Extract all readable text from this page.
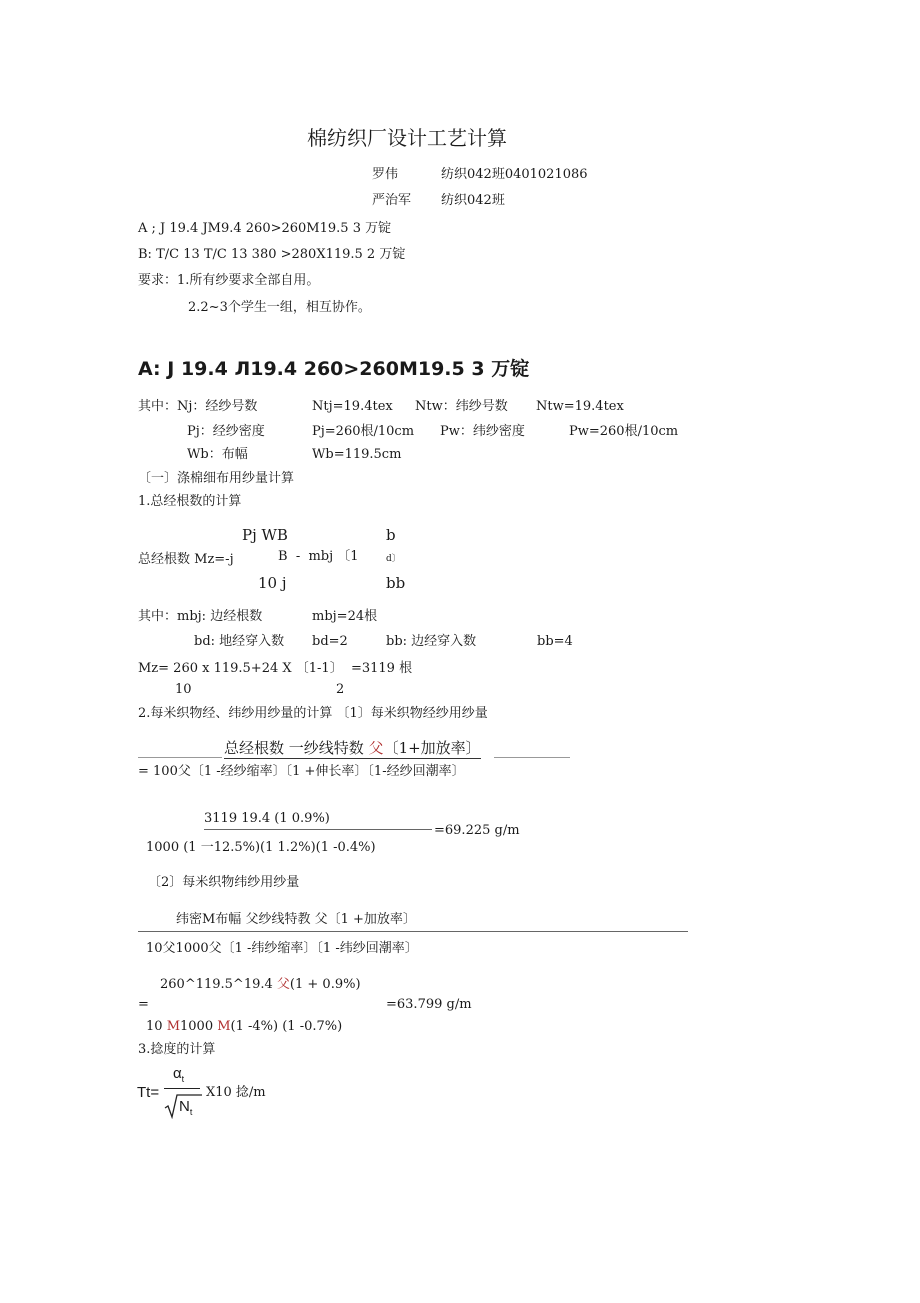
棉纺织厂设计工艺计算
罗伟	纺织042班0401021086
严治军 纺织042班
A ; J 19.4 JM9.4 260>260M19.5 3 万锭
B: T/C 13 T/C 13 380 >280X119.5 2 万锭
要求：1.所有纱要求全部自用。
2.2~3个学生一组，相互协作。
A: J 19.4 Л19.4 260>260M19.5 3 万锭
其中：Nj：经纱号数	Ntj=19.4tex Ntw：纬纱号数 Ntw=19.4tex
Pj：经纱密度	Pj=260根/10cm Pw：纬纱密度	Pw=260根/10cm
Wb：布幅	Wb=119.5cm
〔一〕涤棉细布用纱量计算
1.总经根数的计算
Pj WB	b
总经根数 Mz=-j	B  -  mbj 〔1	d〕
10 j	bb
其中：mbj: 边经根数	mbj=24根
bd: 地经穿入数 bd=2	bb: 边经穿入数	bb=4
Mz= 260 x 119.5+24 X 〔1-1〕  =3119 根
10	2
2.每米织物经、纬纱用纱量的计算 〔1〕每米织物经纱用纱量
总经根数 一纱线特数 父〔1+加放率〕
= 100父〔1 -经纱缩率〕〔1 +伸长率〕〔1-经纱回潮率〕
3119 19.4 (1 0.9%)
=69.225 g/m
1000 (1 一12.5%)(1 1.2%)(1 -0.4%)
〔2〕每米织物纬纱用纱量
纬密M布幅 父纱线特教 父〔1 +加放率〕
10父1000父〔1 -纬纱缩率〕〔1 -纬纱回潮率〕
260^119.5^19.4 父(1 + 0.9%)
=	=63.799 g/m
10 M1000 M(1 -4%) (1 -0.7%)
3.捻度的计算
Tt=
$\alpha_t$
$N_t$
X10 捻/m
